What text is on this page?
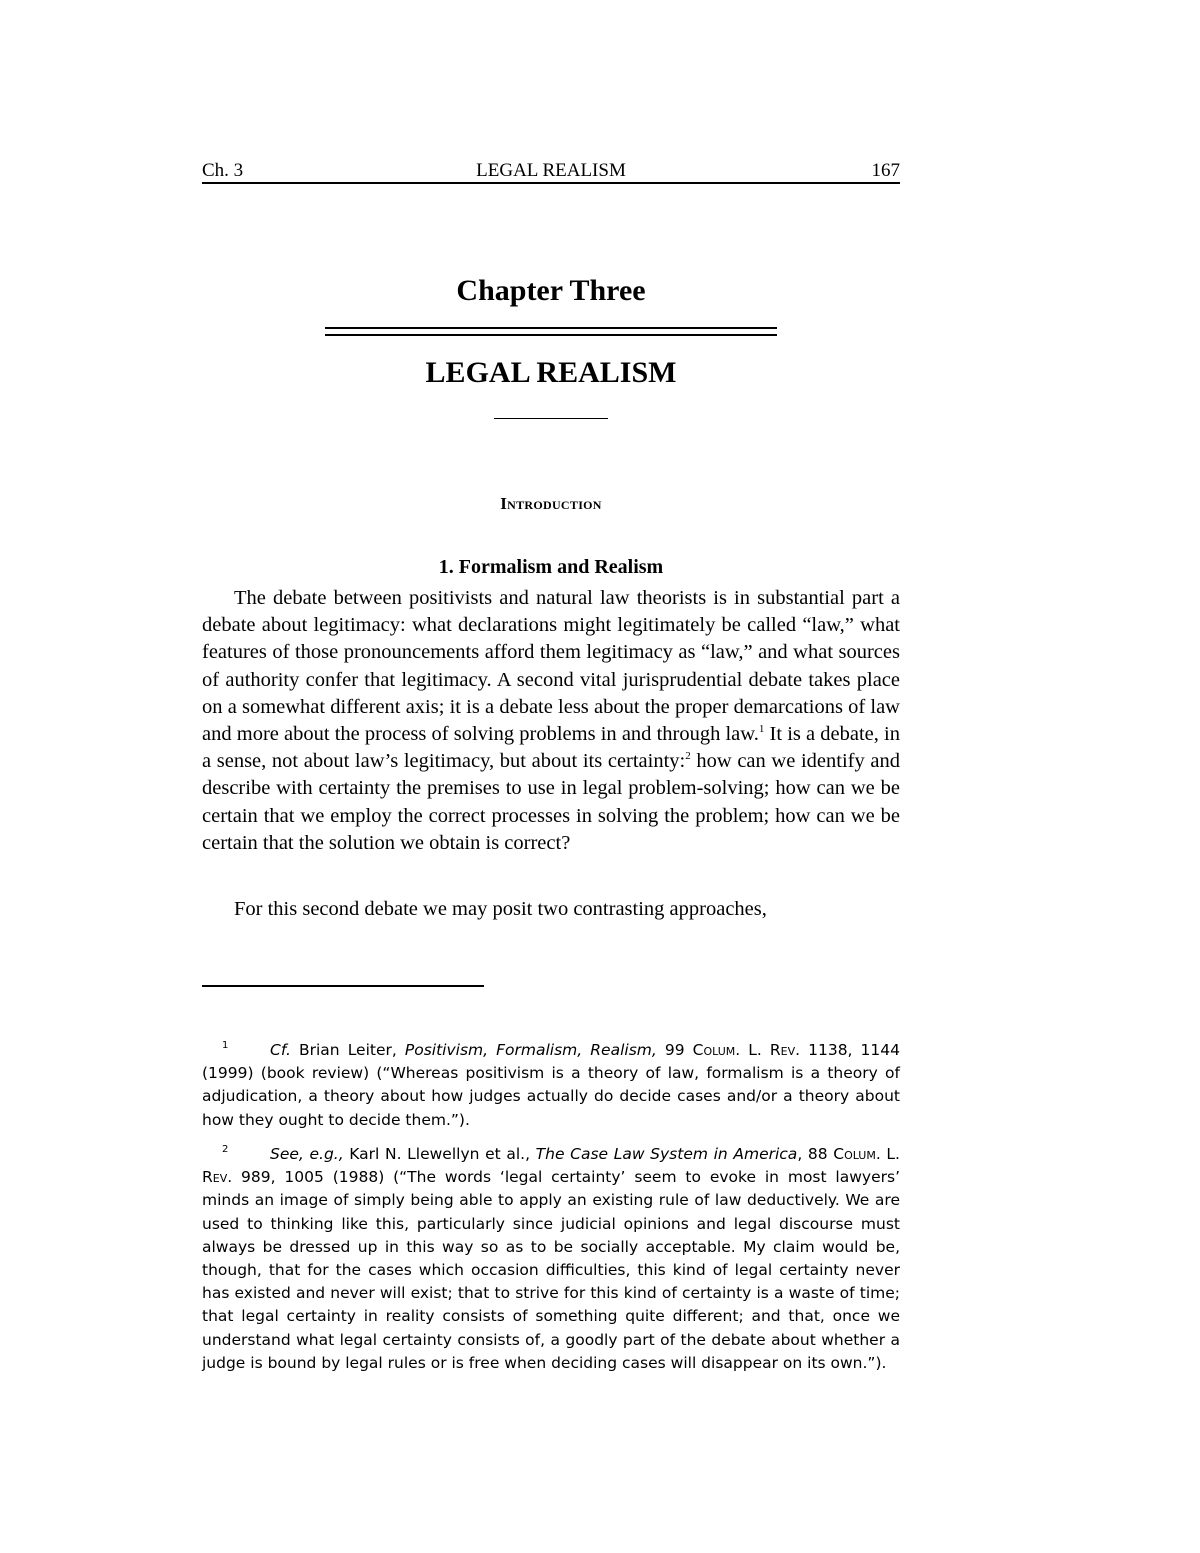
Ch. 3	LEGAL REALISM	167
Chapter Three
LEGAL REALISM
Introduction
1. Formalism and Realism

The debate between positivists and natural law theorists is in substantial part a debate about legitimacy: what declarations might legitimately be called “law,” what features of those pronouncements afford them legitimacy as “law,” and what sources of authority confer that legitimacy. A second vital jurisprudential debate takes place on a somewhat different axis; it is a debate less about the proper demarcations of law and more about the process of solving problems in and through law.$^1$ It is a debate, in a sense, not about law’s legitimacy, but about its certainty:$^2$ how can we identify and describe with certainty the premises to use in legal problem-solving; how can we be certain that we employ the correct processes in solving the problem; how can we be certain that the solution we obtain is correct?

For this second debate we may posit two contrasting approaches,

1	Cf. Brian Leiter, Positivism, Formalism, Realism, 99 Colum. L. Rev. 1138, 1144 (1999) (book review) (“Whereas positivism is a theory of law, formalism is a theory of adjudication, a theory about how judges actually do decide cases and/or a theory about how they ought to decide them.”).

2	See, e.g., Karl N. Llewellyn et al., The Case Law System in America, 88 Colum. L. Rev. 989, 1005 (1988) (“The words ‘legal certainty’ seem to evoke in most lawyers’ minds an image of simply being able to apply an existing rule of law deductively. We are used to thinking like this, particularly since judicial opinions and legal discourse must always be dressed up in this way so as to be socially acceptable. My claim would be, though, that for the cases which occasion difficulties, this kind of legal certainty never has existed and never will exist; that to strive for this kind of certainty is a waste of time; that legal certainty in reality consists of something quite different; and that, once we understand what legal certainty consists of, a goodly part of the debate about whether a judge is bound by legal rules or is free when deciding cases will disappear on its own.”).
